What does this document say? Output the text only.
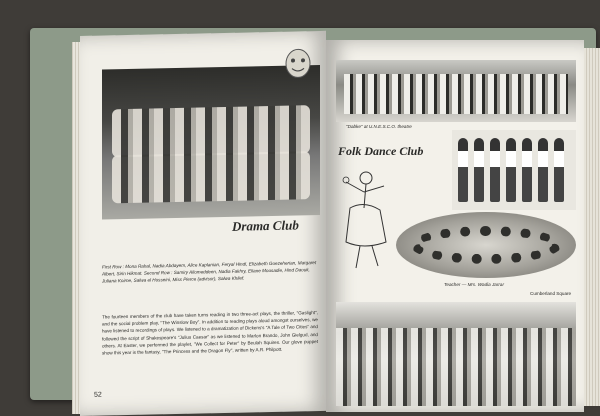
Drama Club
First Row : Mona Rahal, Nadia Abdayem, Alice Kaplanian, Feryal Hindi, Elizabeth Goezeherian, Margaret Albert, Sirin Hikmat. Second Row : Samiry Aliomeddeen, Nadia Fakhry, Eliane Mousadie, Hind Daouk, Juliana Koirne, Salwa el Husseini, Miss Pierce (advisor), Salwa Khlief.
The fourteen members of the club have taken turns reading in two three-act plays, the thriller, "Gaslight", and the social problem play, "The Winslow Boy". In addition to reading plays aloud amongst ourselves, we have listened to recordings of plays. We listened to a dramatization of Dickens's "A Tale of Two Cities" and followed the script of Shakespeare's "Julius Caesar" as we listened to Marlon Brando, John Gielgud, and others. At Easter, we performed the playlet, "We Collect for Peter" by Beulah Squires. Our glove puppet show this year is the fantasy, "The Princess and the Dragon Fly", written by A.R. Philpott.
52
"Dabke" at U.N.E.S.C.O. theatre
Folk Dance Club
Teacher — Mrs. Wadia Jarrar
Cumberland Square
